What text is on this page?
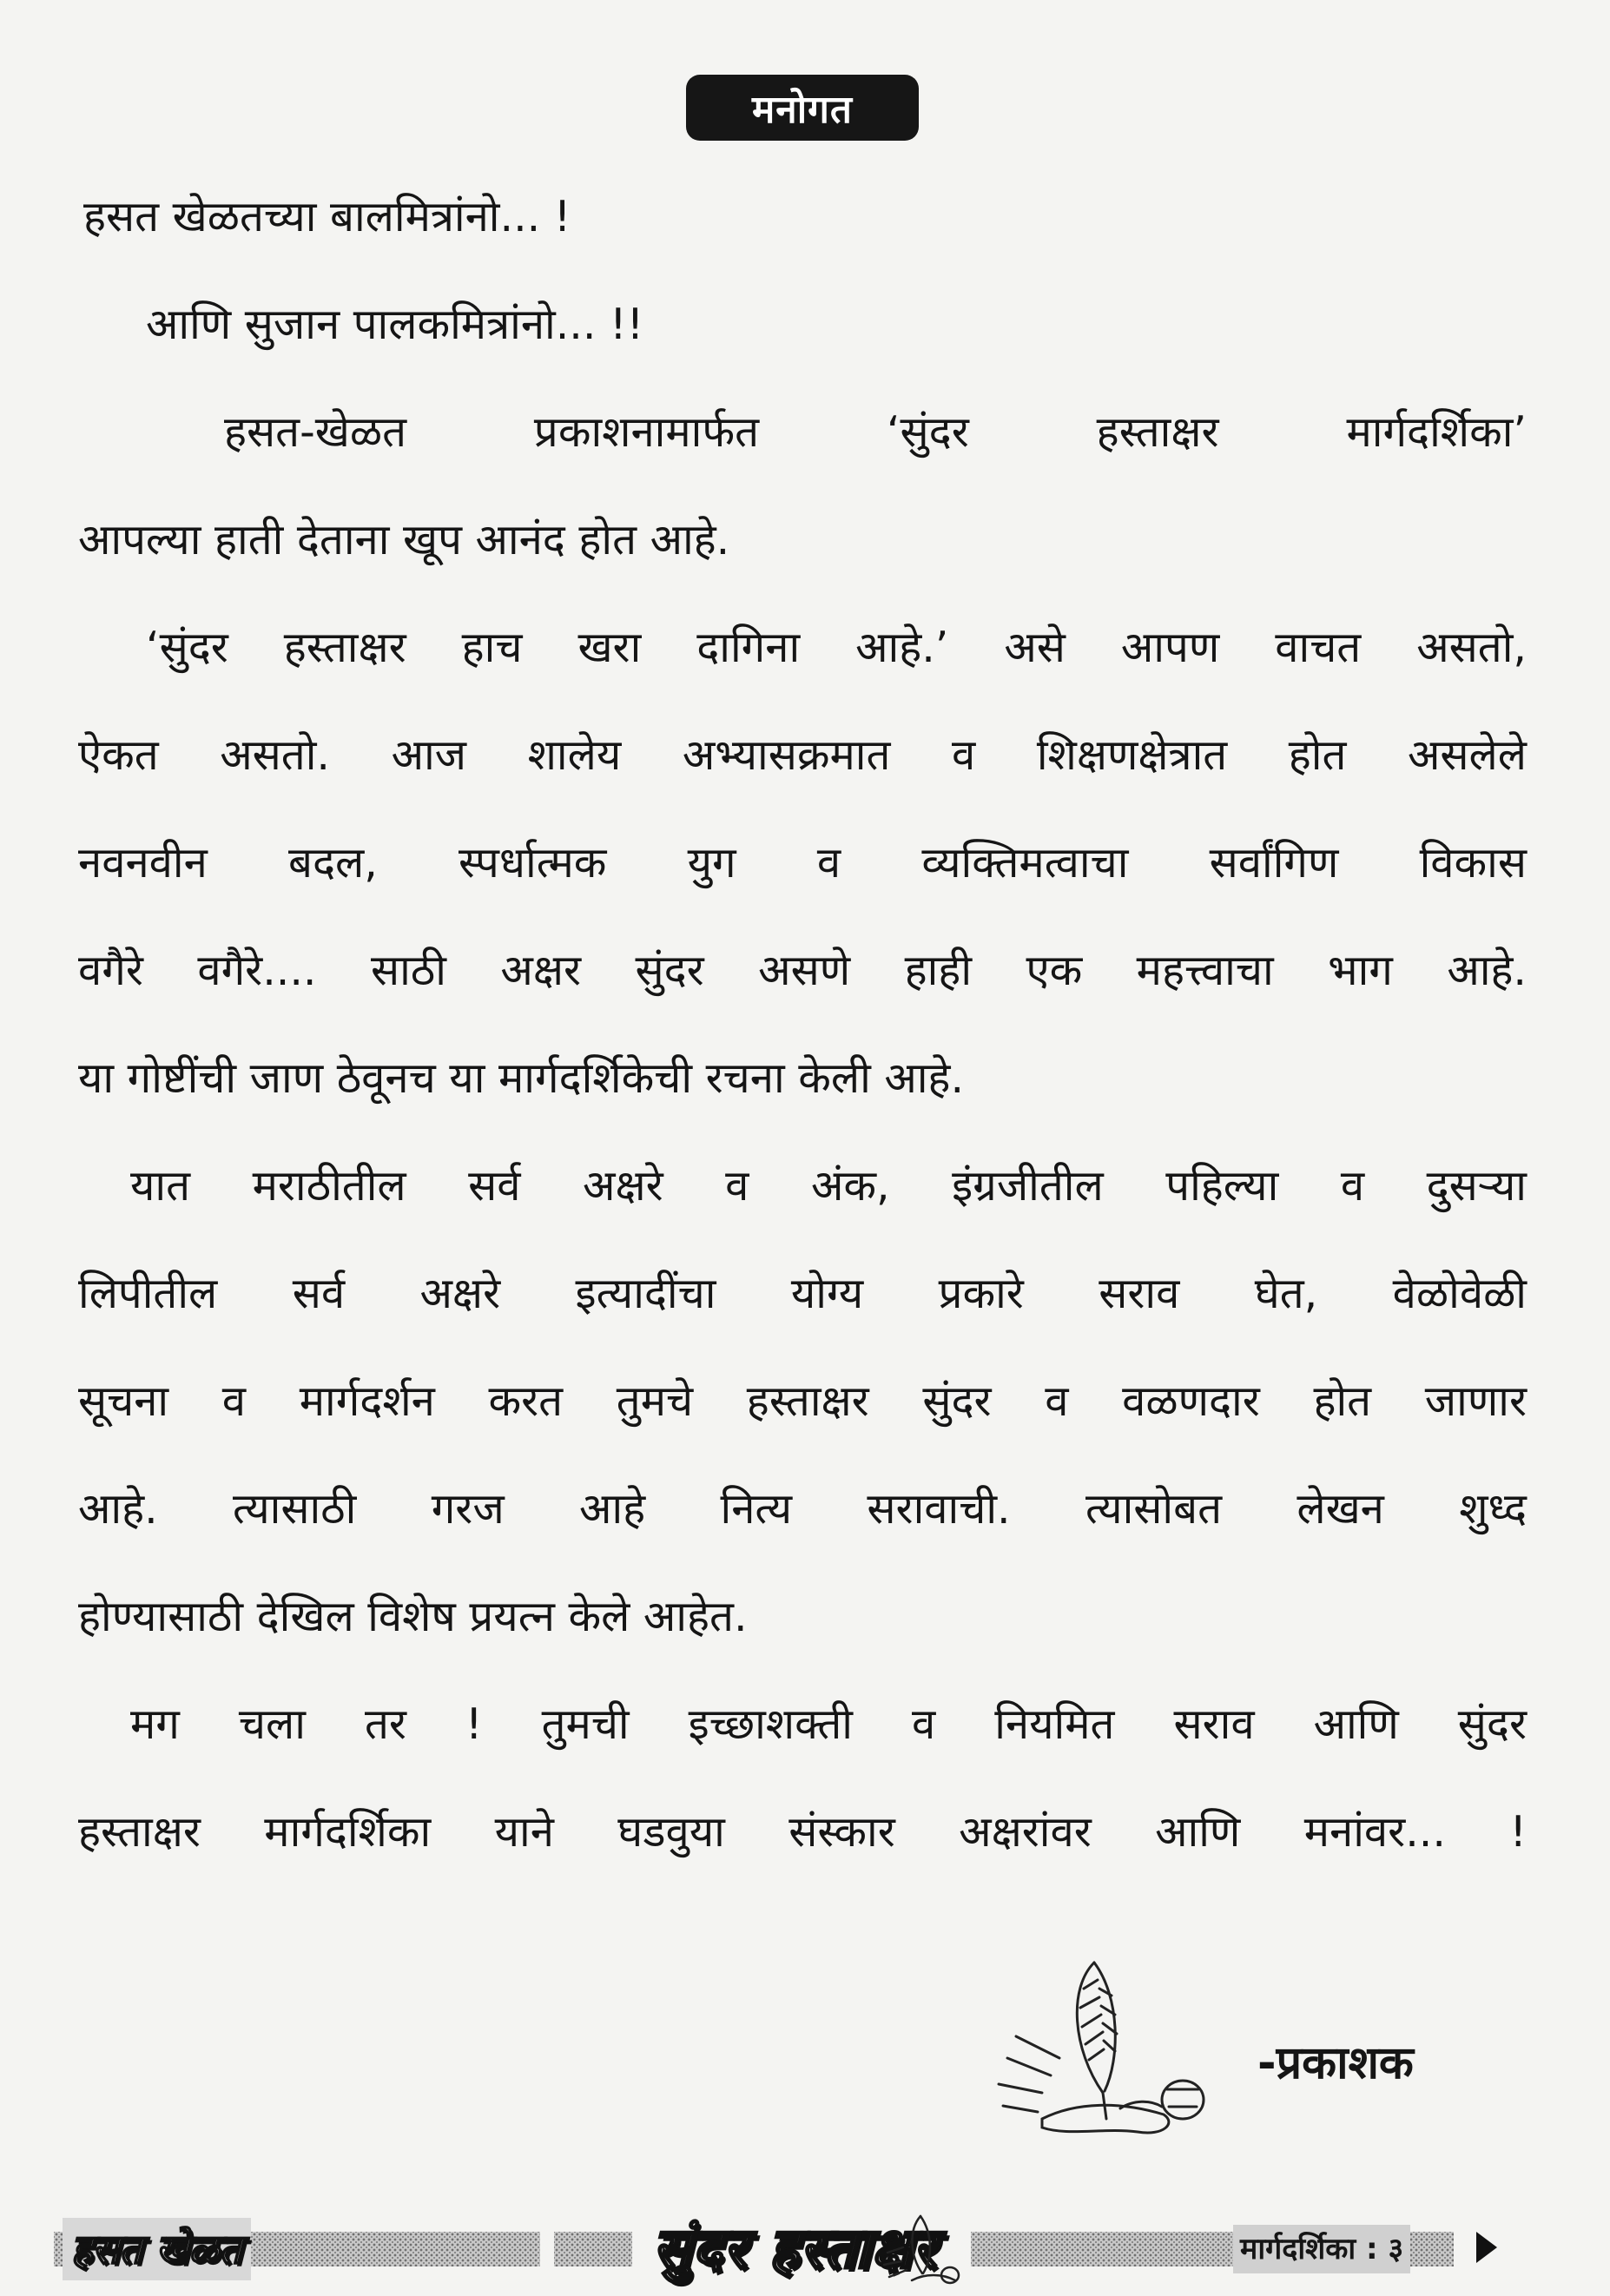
मनोगत
हसत खेळतच्या बालमित्रांनो... !
आणि सुजान पालकमित्रांनो... !!
हसत-खेळत प्रकाशनामार्फत ‘सुंदर हस्ताक्षर मार्गदर्शिका’
आपल्या हाती देताना खूप आनंद होत आहे.
‘सुंदर हस्ताक्षर हाच खरा दागिना आहे.’ असे आपण वाचत असतो,
ऐकत असतो. आज शालेय अभ्यासक्रमात व शिक्षणक्षेत्रात होत असलेले
नवनवीन बदल, स्पर्धात्मक युग व व्यक्तिमत्वाचा सर्वांगिण विकास
वगैरे वगैरे.... साठी अक्षर सुंदर असणे हाही एक महत्त्वाचा भाग आहे.
या गोष्टींची जाण ठेवूनच या मार्गदर्शिकेची रचना केली आहे.
यात मराठीतील सर्व अक्षरे व अंक, इंग्रजीतील पहिल्या व दुसऱ्या
लिपीतील सर्व अक्षरे इत्यादींचा योग्य प्रकारे सराव घेत, वेळोवेळी
सूचना व मार्गदर्शन करत तुमचे हस्ताक्षर सुंदर व वळणदार होत जाणार
आहे. त्यासाठी गरज आहे नित्य सरावाची. त्यासोबत लेखन शुध्द
होण्यासाठी देखिल विशेष प्रयत्न केले आहेत.
मग चला तर ! तुमची इच्छाशक्ती व नियमित सराव आणि सुंदर
हस्ताक्षर मार्गदर्शिका याने घडवुया संस्कार अक्षरांवर आणि मनांवर... !
-प्रकाशक
हसत खेळत	सुंदर हस्ताक्षर	मार्गदर्शिका : ३
